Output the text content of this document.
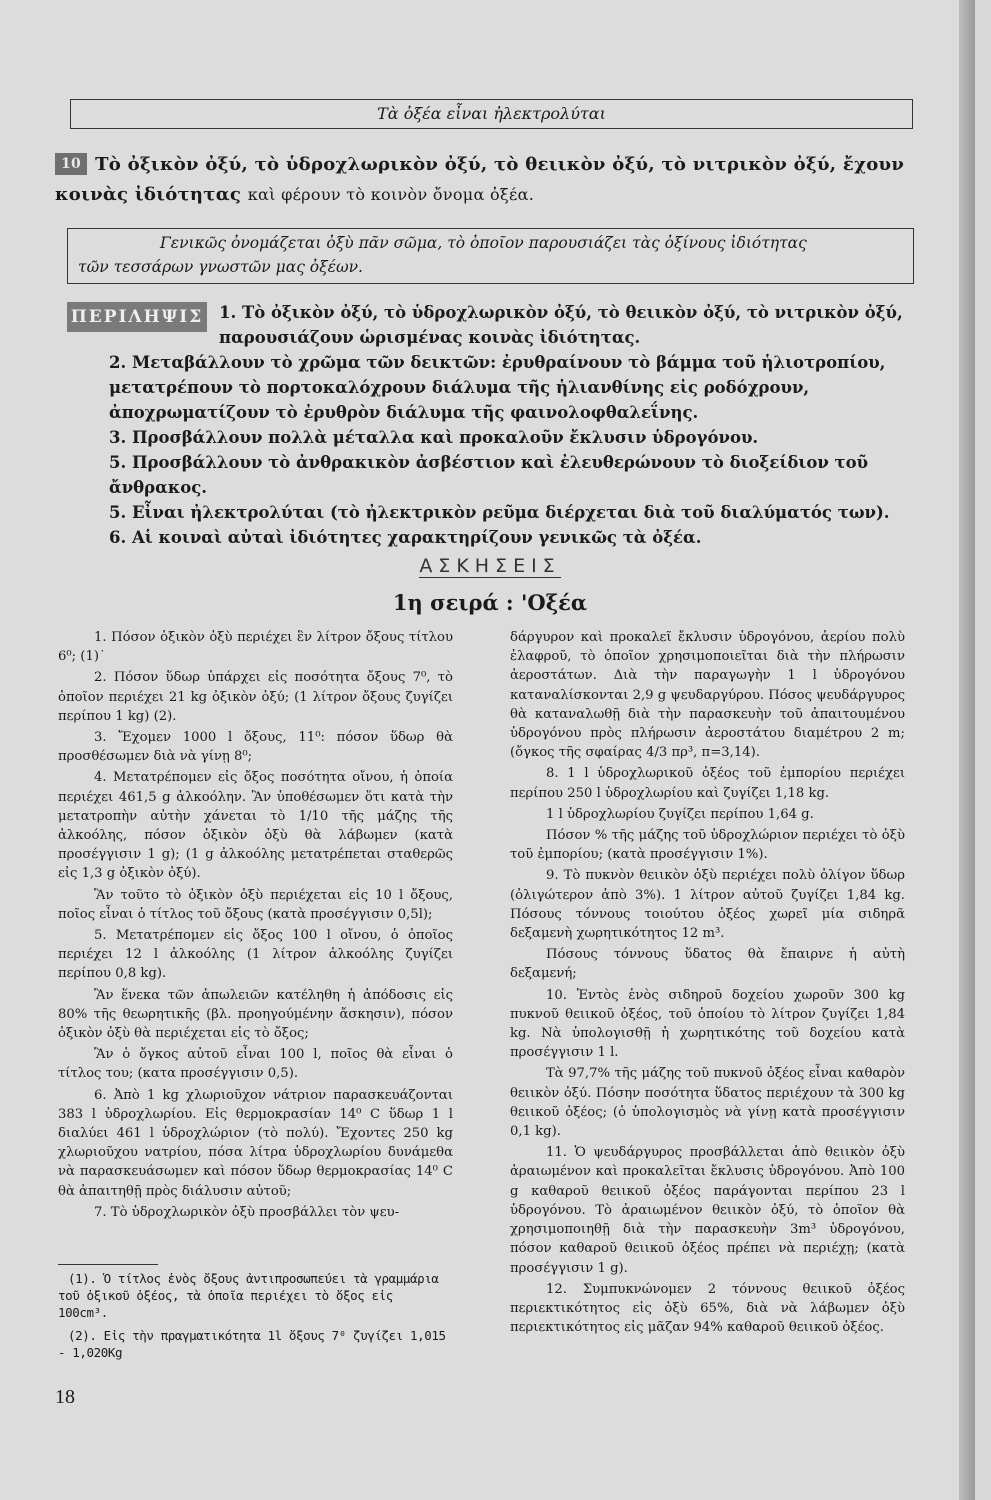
Τὰ ὀξέα εἶναι ἠλεκτρολύται
10 Τὸ ὀξικὸν ὀξύ, τὸ ὑδροχλωρικὸν ὀξύ, τὸ θειικὸν ὀξύ, τὸ νιτρικὸν ὀξύ, ἔχουν κοινὰς ἰδιότητας καὶ φέρουν τὸ κοινὸν ὄνομα ὀξέα.
Γενικῶς ὀνομάζεται ὀξὺ πᾶν σῶμα, τὸ ὁποῖον παρουσιάζει τὰς ὀξίνους ἰδιότητας
τῶν τεσσάρων γνωστῶν μας ὀξέων.
ΠΕΡΙΛΗΨΙΣ 1. Τὸ ὀξικὸν ὀξύ, τὸ ὑδροχλωρικὸν ὀξύ, τὸ θειικὸν ὀξύ, τὸ νιτρικὸν ὀξύ, παρουσιάζουν ὡρισμένας κοινὰς ἰδιότητας.

2. Μεταβάλλουν τὸ χρῶμα τῶν δεικτῶν: ἐρυθραίνουν τὸ βάμμα τοῦ ἡλιοτροπίου, μετατρέπουν τὸ πορτοκαλόχρουν διάλυμα τῆς ἡλιανθίνης εἰς ροδόχρουν, ἀποχρωματίζουν τὸ ἐρυθρὸν διάλυμα τῆς φαινολοφθαλεΐνης.

3. Προσβάλλουν πολλὰ μέταλλα καὶ προκαλοῦν ἔκλυσιν ὑδρογόνου.

5. Προσβάλλουν τὸ ἀνθρακικὸν ἀσβέστιον καὶ ἐλευθερώνουν τὸ διοξείδιον τοῦ ἄνθρακος.

5. Εἶναι ἠλεκτρολύται (τὸ ἠλεκτρικὸν ρεῦμα διέρχεται διὰ τοῦ διαλύματός των).

6. Αἱ κοιναὶ αὐταὶ ἰδιότητες χαρακτηρίζουν γενικῶς τὰ ὀξέα.

ΑΣΚΗΣΕΙΣ
1η σειρά : 'Οξέα

1. Πόσον ὀξικὸν ὀξὺ περιέχει ἓν λίτρον ὄξους τίτλου 6⁰; (1)˙

2. Πόσον ὕδωρ ὑπάρχει εἰς ποσότητα ὄξους 7⁰, τὸ ὁποῖον περιέχει 21 kg ὀξικὸν ὀξύ; (1 λίτρον ὄξους ζυγίζει περίπου 1 kg) (2).

3. Ἔχομεν 1000 l ὄξους, 11⁰: πόσον ὕδωρ θὰ προσθέσωμεν διὰ νὰ γίνῃ 8⁰;

4. Μετατρέπομεν εἰς ὄξος ποσότητα οἴνου, ἡ ὁποία περιέχει 461,5 g ἀλκοόλην. Ἂν ὑποθέσωμεν ὅτι κατὰ τὴν μετατροπὴν αὐτὴν χάνεται τὸ 1/10 τῆς μάζης τῆς ἀλκοόλης, πόσον ὀξικὸν ὀξὺ θὰ λάβωμεν (κατὰ προσέγγισιν 1 g); (1 g ἀλκοόλης μετατρέπεται σταθερῶς εἰς 1,3 g ὀξικὸν ὀξύ).

Ἂν τοῦτο τὸ ὀξικὸν ὀξὺ περιέχεται εἰς 10 l ὄξους, ποῖος εἶναι ὁ τίτλος τοῦ ὄξους (κατὰ προσέγγισιν 0,5l);

5. Μετατρέπομεν εἰς ὄξος 100 l οἴνου, ὁ ὁποῖος περιέχει 12 l ἀλκοόλης (1 λίτρον ἀλκοόλης ζυγίζει περίπου 0,8 kg).

Ἂν ἕνεκα τῶν ἀπωλειῶν κατέληθη ἡ ἀπόδοσις εἰς 80% τῆς θεωρητικῆς (βλ. προηγούμένην ἄσκησιν), πόσον ὀξικὸν ὀξὺ θὰ περιέχεται εἰς τὸ ὄξος;

Ἂν ὁ ὄγκος αὐτοῦ εἶναι 100 l, ποῖος θὰ εἶναι ὁ τίτλος του; (κατα προσέγγισιν 0,5).

6. Ἀπὸ 1 kg χλωριοῦχον νάτριον παρασκευάζονται 383 l ὑδροχλωρίου. Εἰς θερμοκρασίαν 14⁰ C ὕδωρ 1 l διαλύει 461 l ὑδροχλώριον (τὸ πολύ). Ἔχοντες 250 kg χλωριοῦχου νατρίου, πόσα λίτρα ὑδροχλωρίου δυνάμεθα νὰ παρασκευάσωμεν καὶ πόσον ὕδωρ θερμοκρασίας 14⁰ C θὰ ἀπαιτηθῇ πρὸς διάλυσιν αὐτοῦ;

7. Τὸ ὑδροχλωρικὸν ὀξὺ προσβάλλει τὸν ψευ-

δάργυρον καὶ προκαλεῖ ἔκλυσιν ὑδρογόνου, ἀερίου πολὺ ἐλαφροῦ, τὸ ὁποῖον χρησιμοποιεῖται διὰ τὴν πλήρωσιν ἀεροστάτων. Διὰ τὴν παραγωγὴν 1 l ὑδρογόνου καταναλίσκονται 2,9 g ψευδαργύρου. Πόσος ψευδάργυρος θὰ καταναλωθῇ διὰ τὴν παρασκευὴν τοῦ ἀπαιτουμένου ὑδρογόνου πρὸς πλήρωσιν ἀεροστάτου διαμέτρου 2 m; (ὄγκος τῆς σφαίρας 4/3 πρ³, π=3,14).

8. 1 l ὑδροχλωρικοῦ ὀξέος τοῦ ἐμπορίου περιέχει περίπου 250 l ὑδροχλωρίου καὶ ζυγίζει 1,18 kg.

1 l ὑδροχλωρίου ζυγίζει περίπου 1,64 g.

Πόσον % τῆς μάζης τοῦ ὑδροχλώριον περιέχει τὸ ὀξὺ τοῦ ἐμπορίου; (κατὰ προσέγγισιν 1%).

9. Τὸ πυκνὸν θειικὸν ὀξὺ περιέχει πολὺ ὀλίγον ὕδωρ (ὀλιγώτερον ἀπὸ 3%). 1 λίτρον αὐτοῦ ζυγίζει 1,84 kg. Πόσους τόννους τοιούτου ὀξέος χωρεῖ μία σιδηρᾶ δεξαμενὴ χωρητικότητος 12 m³.

Πόσους τόννους ὕδατος θὰ ἔπαιρνε ἡ αὐτὴ δεξαμενή;

10. Ἐντὸς ἑνὸς σιδηροῦ δοχείου χωροῦν 300 kg πυκνοῦ θειικοῦ ὀξέος, τοῦ ὁποίου τὸ λίτρον ζυγίζει 1,84 kg. Νὰ ὑπολογισθῇ ἡ χωρητικότης τοῦ δοχείου κατὰ προσέγγισιν 1 l.

Τὰ 97,7% τῆς μάζης τοῦ πυκνοῦ ὀξέος εἶναι καθαρὸν θειικὸν ὀξύ. Πόσην ποσότητα ὕδατος περιέχουν τὰ 300 kg θειικοῦ ὀξέος; (ὁ ὑπολογισμὸς νὰ γίνῃ κατὰ προσέγγισιν 0,1 kg).

11. Ὁ ψευδάργυρος προσβάλλεται ἀπὸ θειικὸν ὀξὺ ἀραιωμένον καὶ προκαλεῖται ἔκλυσις ὑδρογόνου. Ἀπὸ 100 g καθαροῦ θειικοῦ ὀξέος παράγονται περίπου 23 l ὑδρογόνου. Τὸ ἀραιωμένον θειικὸν ὀξύ, τὸ ὁποῖον θὰ χρησιμοποιηθῇ διὰ τὴν παρασκευὴν 3m³ ὑδρογόνου, πόσον καθαροῦ θειικοῦ ὀξέος πρέπει νὰ περιέχῃ; (κατὰ προσέγγισιν 1 g).

12. Συμπυκνώνομεν 2 τόννους θειικοῦ ὀξέος περιεκτικότητος εἰς ὀξὺ 65%, διὰ νὰ λάβωμεν ὀξὺ περιεκτικότητος εἰς μᾶζαν 94% καθαροῦ θειικοῦ ὀξέος.

(1). Ὁ τίτλος ἑνὸς ὄξους ἀντιπροσωπεύει τὰ γραμμάρια τοῦ ὀξικοῦ ὀξέος, τὰ ὁποῖα περιέχει τὸ ὄξος εἰς 100cm³.

(2). Εἰς τὴν πραγματικότητα 1l ὄξους 7⁰ ζυγίζει 1,015 - 1,020Kg

18
